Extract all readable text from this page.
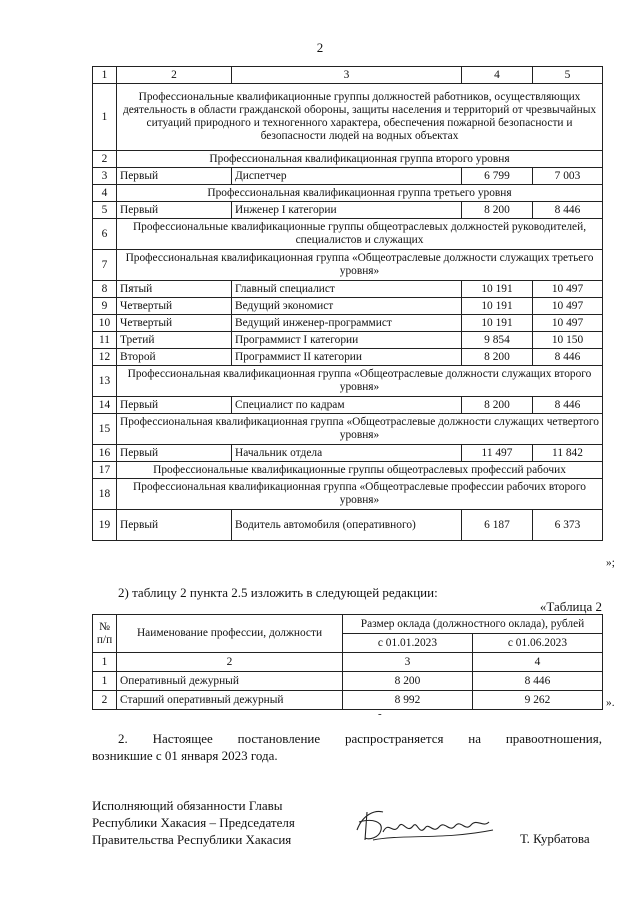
2
1	2	3	4	5
1	Профессиональные квалификационные группы должностей работников, осуществляющих деятельность в области гражданской обороны, защиты населения и территорий от чрезвычайных ситуаций природного и техногенного характера, обеспечения пожарной безопасности и безопасности людей на водных объектах			
2	Профессиональная квалификационная группа второго уровня			
3	Первый	Диспетчер	6 799	7 003
4	Профессиональная квалификационная группа третьего уровня			
5	Первый	Инженер I категории	8 200	8 446
6	Профессиональные квалификационные группы общеотраслевых должностей руководителей, специалистов и служащих			
7	Профессиональная квалификационная группа «Общеотраслевые должности служащих третьего уровня»			
8	Пятый	Главный специалист	10 191	10 497
9	Четвертый	Ведущий экономист	10 191	10 497
10	Четвертый	Ведущий инженер-программист	10 191	10 497
11	Третий	Программист I категории	9 854	10 150
12	Второй	Программист II категории	8 200	8 446
13	Профессиональная квалификационная группа «Общеотраслевые должности служащих второго уровня»			
14	Первый	Специалист по кадрам	8 200	8 446
15	Профессиональная квалификационная группа «Общеотраслевые должности служащих четвертого уровня»			
16	Первый	Начальник отдела	11 497	11 842
17	Профессиональные квалификационные группы общеотраслевых профессий рабочих			
18	Профессиональная квалификационная группа «Общеотраслевые профессии рабочих второго уровня»			
19	Первый	Водитель автомобиля (оперативного)	6 187	6 373
»;
2) таблицу 2 пункта 2.5 изложить в следующей редакции:
«Таблица 2
№ п/п	Наименование профессии, должности	Размер оклада (должностного оклада), рублей	
		с 01.01.2023	с 01.06.2023
1	2	3	4
1	Оперативный дежурный	8 200	8 446
2	Старший оперативный дежурный	8 992	9 262	».
-
2. Настоящее постановление распространяется на правоотношения,
возникшие с 01 января 2023 года.
Исполняющий обязанности Главы
Республики Хакасия – Председателя
Правительства Республики Хакасия	Т. Курбатова
